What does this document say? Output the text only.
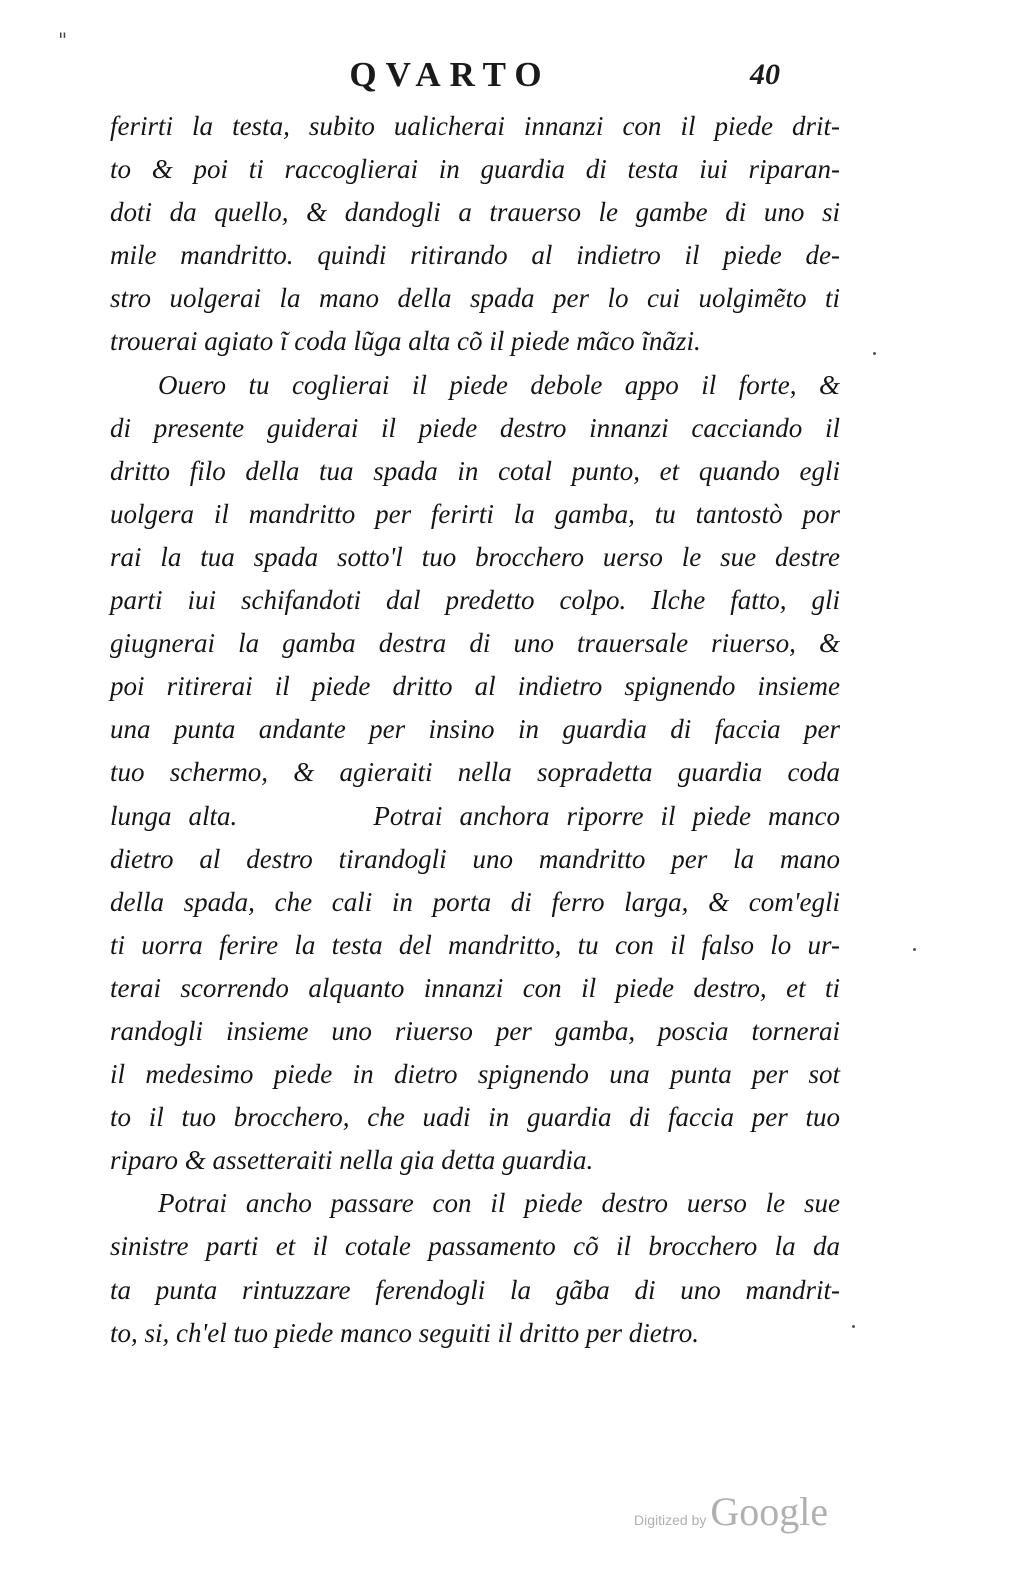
"
QVARTO	40
ferirti la testa, subito ualicherai innanzi con il piede drit-
to & poi ti raccoglierai in guardia di testa iui riparan-
doti da quello, & dandogli a trauerso le gambe di uno si
mile mandritto. quindi ritirando al indietro il piede de-
stro uolgerai la mano della spada per lo cui uolgimẽto ti
trouerai agiato ĩ coda lũga alta cõ il piede mãco ĩnãzi.
Ouero tu coglierai il piede debole appo il forte, &
di presente guiderai il piede destro innanzi cacciando il
dritto filo della tua spada in cotal punto, et quando egli
uolgera il mandritto per ferirti la gamba, tu tantostò por
rai la tua spada sotto'l tuo brocchero uerso le sue destre
parti iui schifandoti dal predetto colpo. Ilche fatto, gli
giugnerai la gamba destra di uno trauersale riuerso, &
poi ritirerai il piede dritto al indietro spignendo insieme
una punta andante per insino in guardia di faccia per
tuo schermo, & agieraiti nella sopradetta guardia coda
lunga alta.        Potrai anchora riporre il piede manco
dietro al destro tirandogli uno mandritto per la mano
della spada, che cali in porta di ferro larga, & com'egli
ti uorra ferire la testa del mandritto, tu con il falso lo ur-
terai scorrendo alquanto innanzi con il piede destro, et ti
randogli insieme uno riuerso per gamba, poscia tornerai
il medesimo piede in dietro spignendo una punta per sot
to il tuo brocchero, che uadi in guardia di faccia per tuo
riparo & assetteraiti nella gia detta guardia.
Potrai ancho passare con il piede destro uerso le sue
sinistre parti et il cotale passamento cõ il brocchero la da
ta punta rintuzzare ferendogli la gãba di uno mandrit-
to, si, ch'el tuo piede manco seguiti il dritto per dietro.
Digitized by Google
